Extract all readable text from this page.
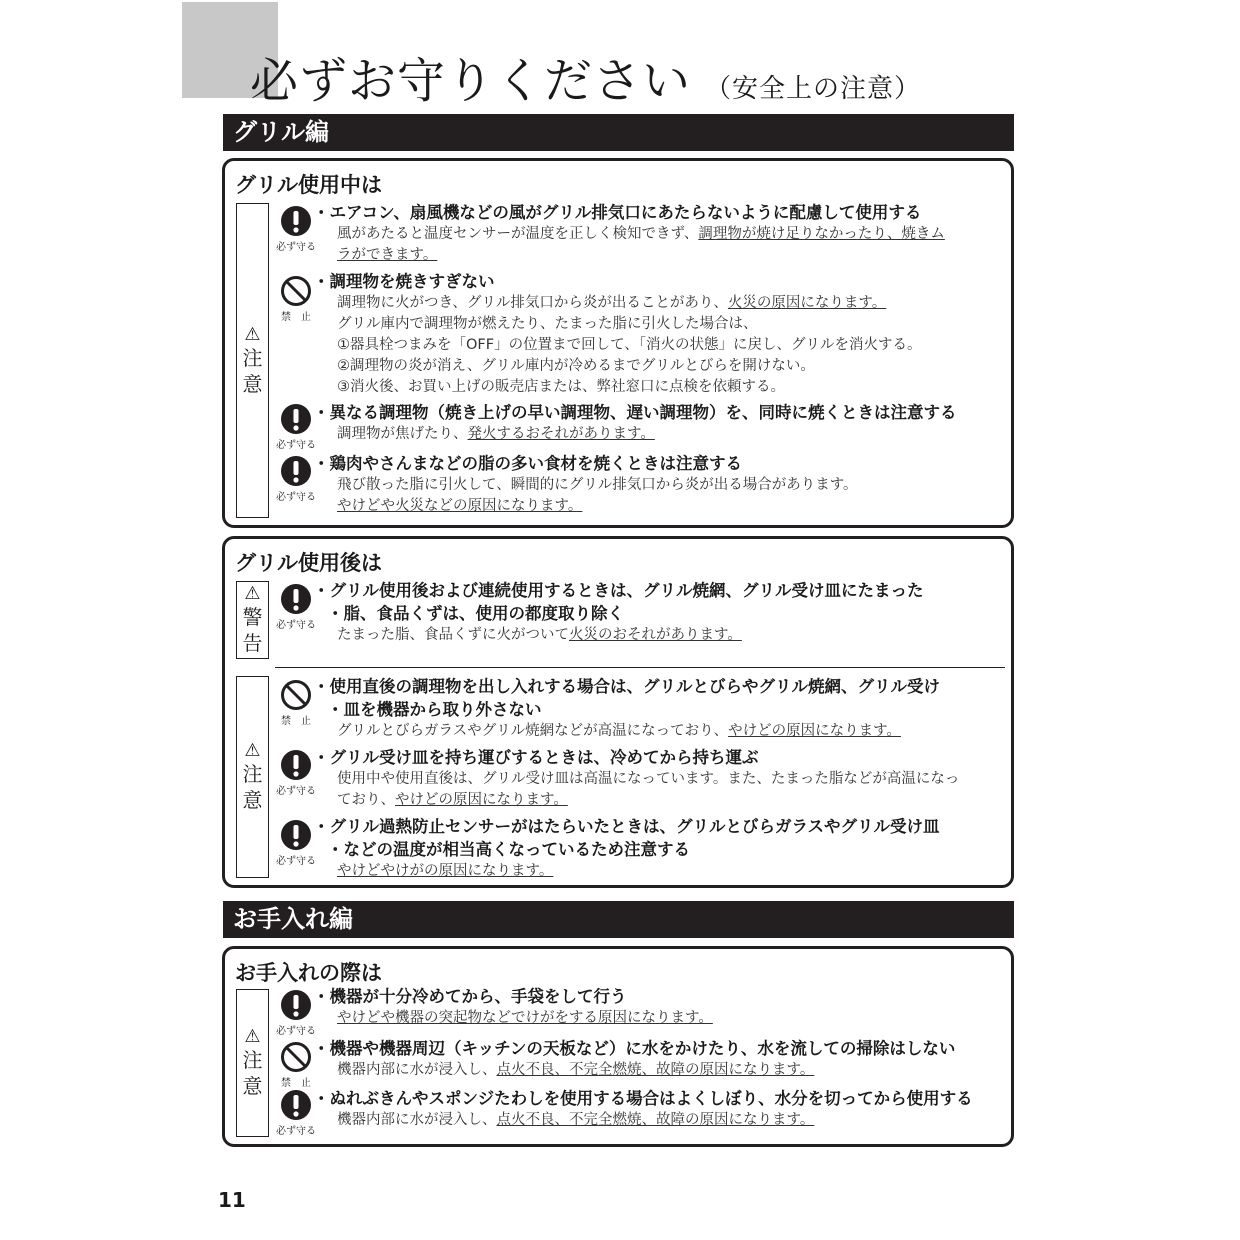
必ずお守りください （安全上の注意）
グリル編
グリル使用中は
⚠
注
意
必ず守る
・ エアコン、扇風機などの風がグリル排気口にあたらないように配慮して使用する
風があたると温度センサーが温度を正しく検知できず、調理物が焼け足りなかったり、焼きム
ラができます。
禁　止
・ 調理物を焼きすぎない
調理物に火がつき、グリル排気口から炎が出ることがあり、火災の原因になります。
グリル庫内で調理物が燃えたり、たまった脂に引火した場合は、
①器具栓つまみを「OFF」の位置まで回して、「消火の状態」に戻し、グリルを消火する。
②調理物の炎が消え、グリル庫内が冷めるまでグリルとびらを開けない。
③消火後、お買い上げの販売店または、弊社窓口に点検を依頼する。
必ず守る
・ 異なる調理物（焼き上げの早い調理物、遅い調理物）を、同時に焼くときは注意する
調理物が焦げたり、発火するおそれがあります。
必ず守る
・ 鶏肉やさんまなどの脂の多い食材を焼くときは注意する
飛び散った脂に引火して、瞬間的にグリル排気口から炎が出る場合があります。
やけどや火災などの原因になります。
グリル使用後は
⚠
警
告
必ず守る
・ グリル使用後および連続使用するときは、グリル焼網、グリル受け皿にたまった
・ 脂、食品くずは、使用の都度取り除く
たまった脂、食品くずに火がついて火災のおそれがあります。
⚠
注
意
禁　止
・ 使用直後の調理物を出し入れする場合は、グリルとびらやグリル焼網、グリル受け
・ 皿を機器から取り外さない
グリルとびらガラスやグリル焼網などが高温になっており、やけどの原因になります。
必ず守る
・ グリル受け皿を持ち運びするときは、冷めてから持ち運ぶ
使用中や使用直後は、グリル受け皿は高温になっています。また、たまった脂などが高温になっ
ており、やけどの原因になります。
必ず守る
・ グリル過熱防止センサーがはたらいたときは、グリルとびらガラスやグリル受け皿
・ などの温度が相当高くなっているため注意する
やけどやけがの原因になります。
お手入れ編
お手入れの際は
⚠
注
意
必ず守る
・ 機器が十分冷めてから、手袋をして行う
やけどや機器の突起物などでけがをする原因になります。
禁　止
・ 機器や機器周辺（キッチンの天板など）に水をかけたり、水を流しての掃除はしない
機器内部に水が浸入し、点火不良、不完全燃焼、故障の原因になります。
必ず守る
・ ぬれぶきんやスポンジたわしを使用する場合はよくしぼり、水分を切ってから使用する
機器内部に水が浸入し、点火不良、不完全燃焼、故障の原因になります。
11
